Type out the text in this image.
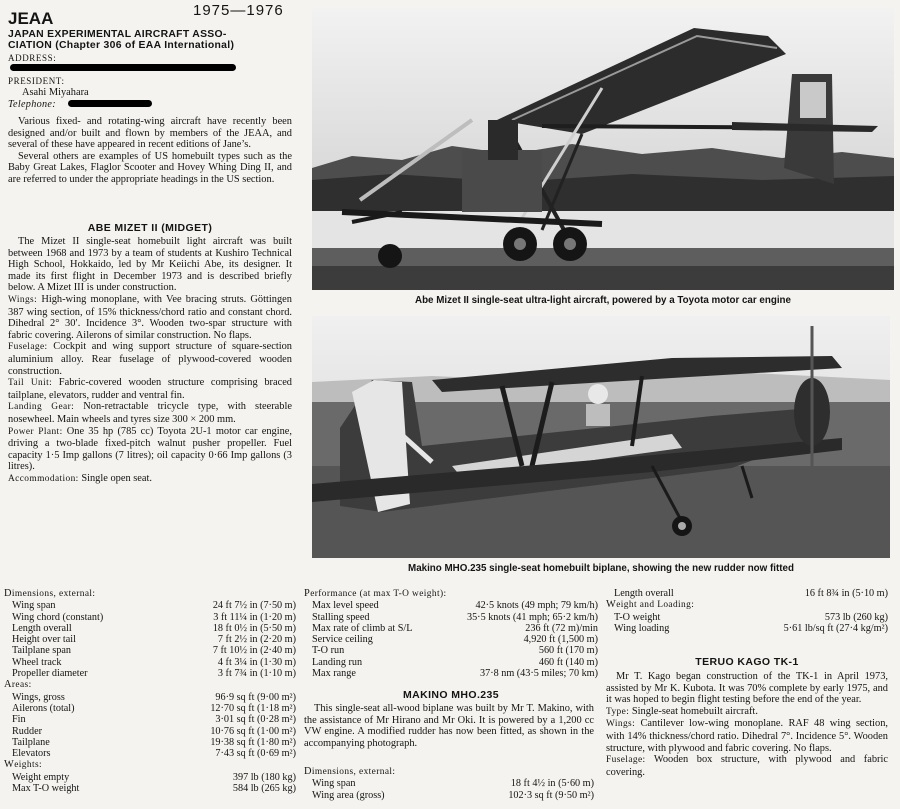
1975—1976
JEAA
JAPAN EXPERIMENTAL AIRCRAFT ASSO-
CIATION (Chapter 306 of EAA International)
ADDRESS:
PRESIDENT:
Asahi Miyahara
Telephone:

Various fixed- and rotating-wing aircraft have recently been designed and/or built and flown by members of the JEAA, and several of these have appeared in recent editions of Jane’s.

Several others are examples of US homebuilt types such as the Baby Great Lakes, Flaglor Scooter and Hovey Whing Ding II, and are referred to under the appropriate headings in the US section.

ABE MIZET II (MIDGET)

The Mizet II single-seat homebuilt light aircraft was built between 1968 and 1973 by a team of students at Kushiro Technical High School, Hokkaido, led by Mr Keiichi Abe, its designer. It made its first flight in December 1973 and is described briefly below. A Mizet III is under construction.

Wings: High-wing monoplane, with Vee bracing struts. Göttingen 387 wing section, of 15% thickness/chord ratio and constant chord. Dihedral 2° 30′. Incidence 3°. Wooden two-spar structure with fabric covering. Ailerons of similar construction. No flaps.

Fuselage: Cockpit and wing support structure of square-section aluminium alloy. Rear fuselage of plywood-covered wooden construction.

Tail Unit: Fabric-covered wooden structure comprising braced tailplane, elevators, rudder and ventral fin.

Landing Gear: Non-retractable tricycle type, with steerable nosewheel. Main wheels and tyres size 300 × 200 mm.

Power Plant: One 35 hp (785 cc) Toyota 2U-1 motor car engine, driving a two-blade fixed-pitch walnut pusher propeller. Fuel capacity 1·5 Imp gallons (7 litres); oil capacity 0·66 Imp gallons (3 litres).

Accommodation: Single open seat.

Dimensions, external:
Wing span	24 ft 7½ in (7·50 m)
Wing chord (constant)	3 ft 11¼ in (1·20 m)
Length overall	18 ft 0½ in (5·50 m)
Height over tail	7 ft 2½ in (2·20 m)
Tailplane span	7 ft 10½ in (2·40 m)
Wheel track	4 ft 3¼ in (1·30 m)
Propeller diameter	3 ft 7¾ in (1·10 m)
Areas:
Wings, gross	96·9 sq ft (9·00 m²)
Ailerons (total)	12·70 sq ft (1·18 m²)
Fin	3·01 sq ft (0·28 m²)
Rudder	10·76 sq ft (1·00 m²)
Tailplane	19·38 sq ft (1·80 m²)
Elevators	7·43 sq ft (0·69 m²)
Weights:
Weight empty	397 lb (180 kg)
Max T-O weight	584 lb (265 kg)
Abe Mizet II single-seat ultra-light aircraft, powered by a Toyota motor car engine
Makino MHO.235 single-seat homebuilt biplane, showing the new rudder now fitted
Performance (at max T-O weight):
Max level speed	42·5 knots (49 mph; 79 km/h)
Stalling speed	35·5 knots (41 mph; 65·2 km/h)
Max rate of climb at S/L	236 ft (72 m)/min
Service ceiling	4,920 ft (1,500 m)
T-O run	560 ft (170 m)
Landing run	460 ft (140 m)
Max range	37·8 nm (43·5 miles; 70 km)
MAKINO MHO.235

This single-seat all-wood biplane was built by Mr T. Makino, with the assistance of Mr Hirano and Mr Oki. It is powered by a 1,200 cc VW engine. A modified rudder has now been fitted, as shown in the accompanying photograph.

Dimensions, external:
Wing span	18 ft 4½ in (5·60 m)
Wing area (gross)	102·3 sq ft (9·50 m²)
Length overall	16 ft 8¾ in (5·10 m)
Weight and Loading:
T-O weight	573 lb (260 kg)
Wing loading	5·61 lb/sq ft (27·4 kg/m²)
TERUO KAGO TK-1

Mr T. Kago began construction of the TK-1 in April 1973, assisted by Mr K. Kubota. It was 70% complete by early 1975, and it was hoped to begin flight testing before the end of the year.

Type: Single-seat homebuilt aircraft.

Wings: Cantilever low-wing monoplane. RAF 48 wing section, with 14% thickness/chord ratio. Dihedral 7°. Incidence 5°. Wooden structure, with plywood and fabric covering. No flaps.

Fuselage: Wooden box structure, with plywood and fabric covering.
